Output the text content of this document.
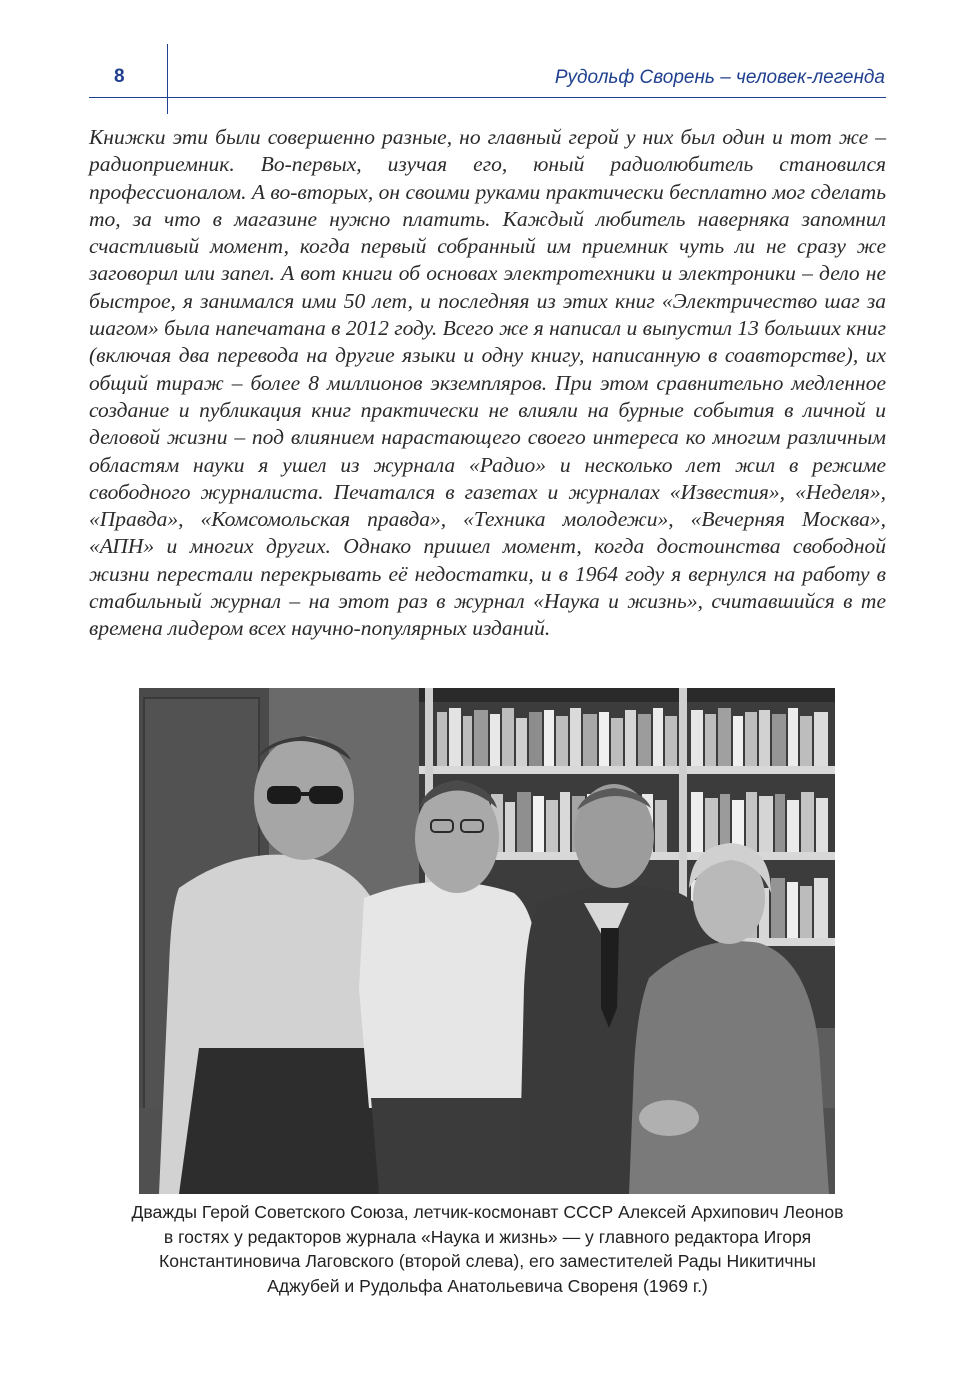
8	Рудольф Сворень – человек-легенда

Книжки эти были совершенно разные, но главный герой у них был один и тот же – радиоприемник. Во-первых, изучая его, юный радиолюбитель становился профессионалом. А во-вторых, он своими руками практически бесплатно мог сделать то, за что в магазине нужно платить. Каждый любитель наверняка запомнил счастливый момент, когда первый собранный им приемник чуть ли не сразу же заговорил или запел. А вот книги об основах электротехники и электроники – дело не быстрое, я занимался ими 50 лет, и последняя из этих книг «Электричество шаг за шагом» была напечатана в 2012 году. Всего же я написал и выпустил 13 больших книг (включая два перевода на другие языки и одну книгу, написанную в соавторстве), их общий тираж – более 8 миллионов экземпляров. При этом сравнительно медленное создание и публикация книг практически не влияли на бурные события в личной и деловой жизни – под влиянием нарастающего своего интереса ко многим различным областям науки я ушел из журнала «Радио» и несколько лет жил в режиме свободного журналиста. Печатался в газетах и журналах «Известия», «Неделя», «Правда», «Комсомольская правда», «Техника молодежи», «Вечерняя Москва», «АПН» и многих других. Однако пришел момент, когда достоинства свободной жизни перестали перекрывать её недостатки, и в 1964 году я вернулся на работу в стабильный журнал – на этот раз в журнал «Наука и жизнь», считавшийся в те времена лидером всех научно-популярных изданий.

Дважды Герой Советского Союза, летчик-космонавт СССР Алексей Архипович Леонов
в гостях у редакторов журнала «Наука и жизнь» — у главного редактора Игоря
Константиновича Лаговского (второй слева), его заместителей Рады Никитичны
Аджубей и Рудольфа Анатольевича Свореня (1969 г.)
